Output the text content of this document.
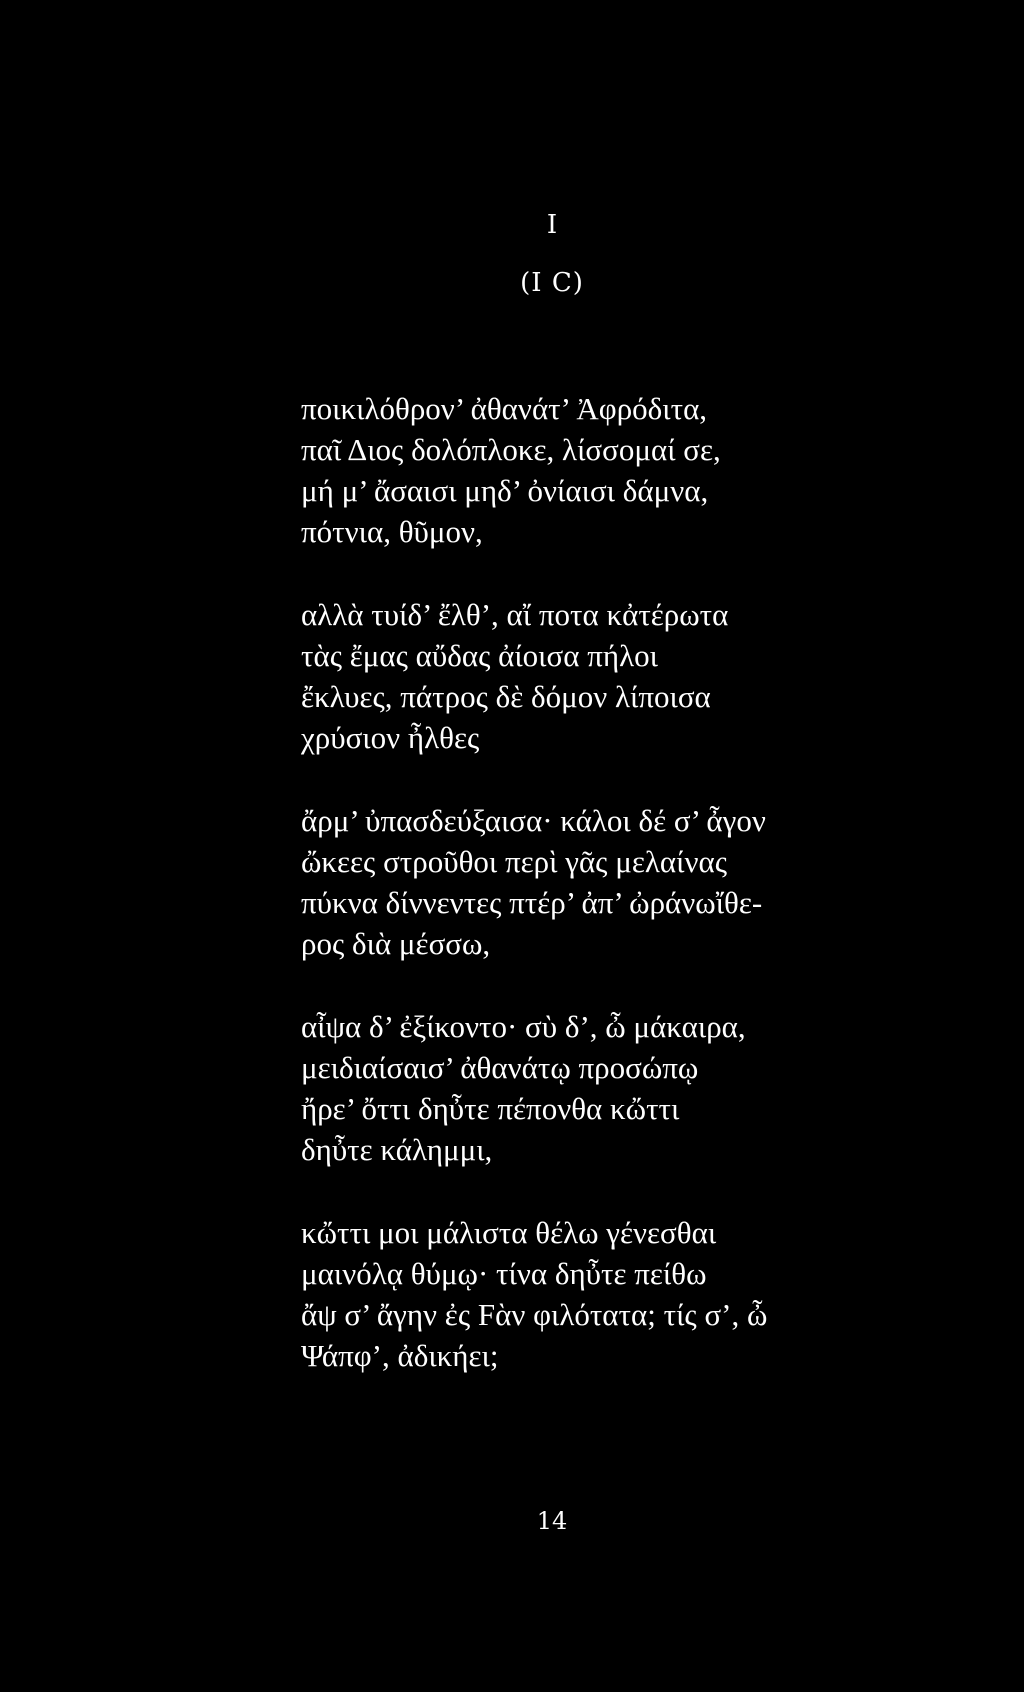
I
(I C)
ποικιλόθρον’ ἀθανάτ’ Ἀφρόδιτα,
παῖ Διος δολόπλοκε, λίσσομαί σε,
μή μ’ ἄσαισι μηδ’ ὀνίαισι δάμνα,
πότνια, θῦμον,
αλλὰ τυίδ’ ἔλθ’, αἴ ποτα κἀτέρωτα
τὰς ἔμας αὔδας ἀίοισα πήλοι
ἔκλυες, πάτρος δὲ δόμον λίποισα
χρύσιον ἦλθες
ἄρμ’ ὐπασδεύξαισα· κάλοι δέ σ’ ἆγον
ὤκεες στροῦθοι περὶ γᾶς μελαίνας
πύκνα δίννεντες πτέρ’ ἀπ’ ὠράνωἴθε-
ρος διὰ μέσσω,
αἶψα δ’ ἐξίκοντο· σὺ δ’, ὦ μάκαιρα,
μειδιαίσαισ’ ἀθανάτῳ προσώπῳ
ἤρε’ ὄττι δηὖτε πέπονθα κὤττι
δηὖτε κάλημμι,
κὤττι μοι μάλιστα θέλω γένεσθαι
μαινόλᾳ θύμῳ· τίνα δηὖτε πείθω
ἄψ σ’ ἄγην ἐς Fὰν φιλότατα; τίς σ’, ὦ
Ψάπφ’, ἀδικήει;
14
